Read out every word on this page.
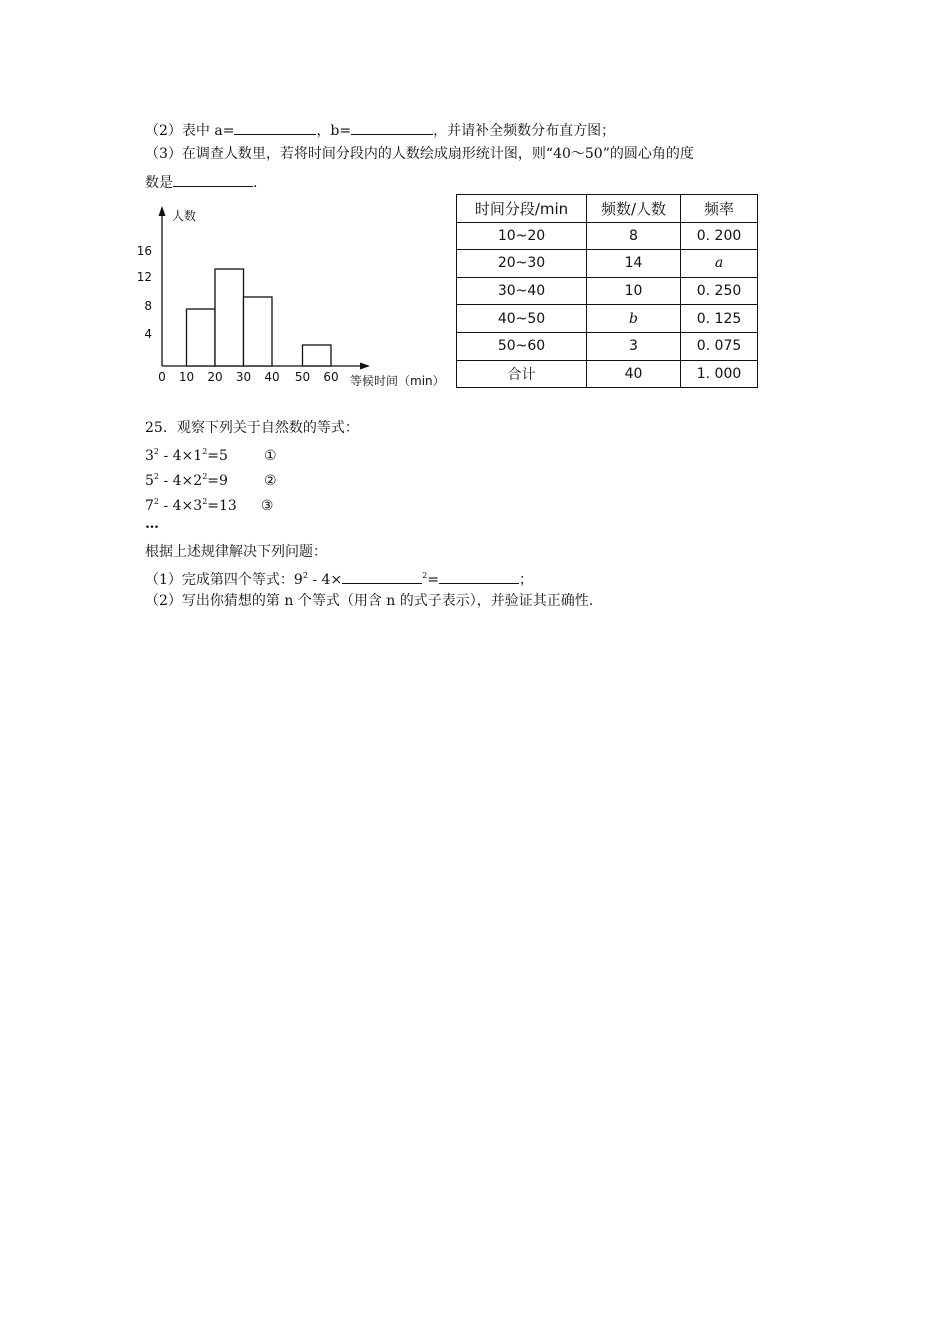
（2）表中 a=	，b=	，并请补全频数分布直方图；
（3）在调查人数里，若将时间分段内的人数绘成扇形统计图，则“40～50”的圆心角的度
数是	.
人数
等候时间（min）
4
8
12
16
0 10 20 30 40 50 60
时间分段/min	频数/人数	频率
10~20	8	0. 200
20~30	14	a
30~40	10	0. 250
40~50	b	0. 125
50~60	3	0. 075
合计	40	1. 000
25．观察下列关于自然数的等式：
$3^2 - 4\times 1^2=5$	①
$5^2 - 4\times 2^2=9$	②
$7^2 - 4\times 3^2=13$ ③
…
根据上述规律解决下列问题：
（1）完成第四个等式：$9^2 - 4\times$	$^2$=	；
（2）写出你猜想的第 n 个等式（用含 n 的式子表示），并验证其正确性.
